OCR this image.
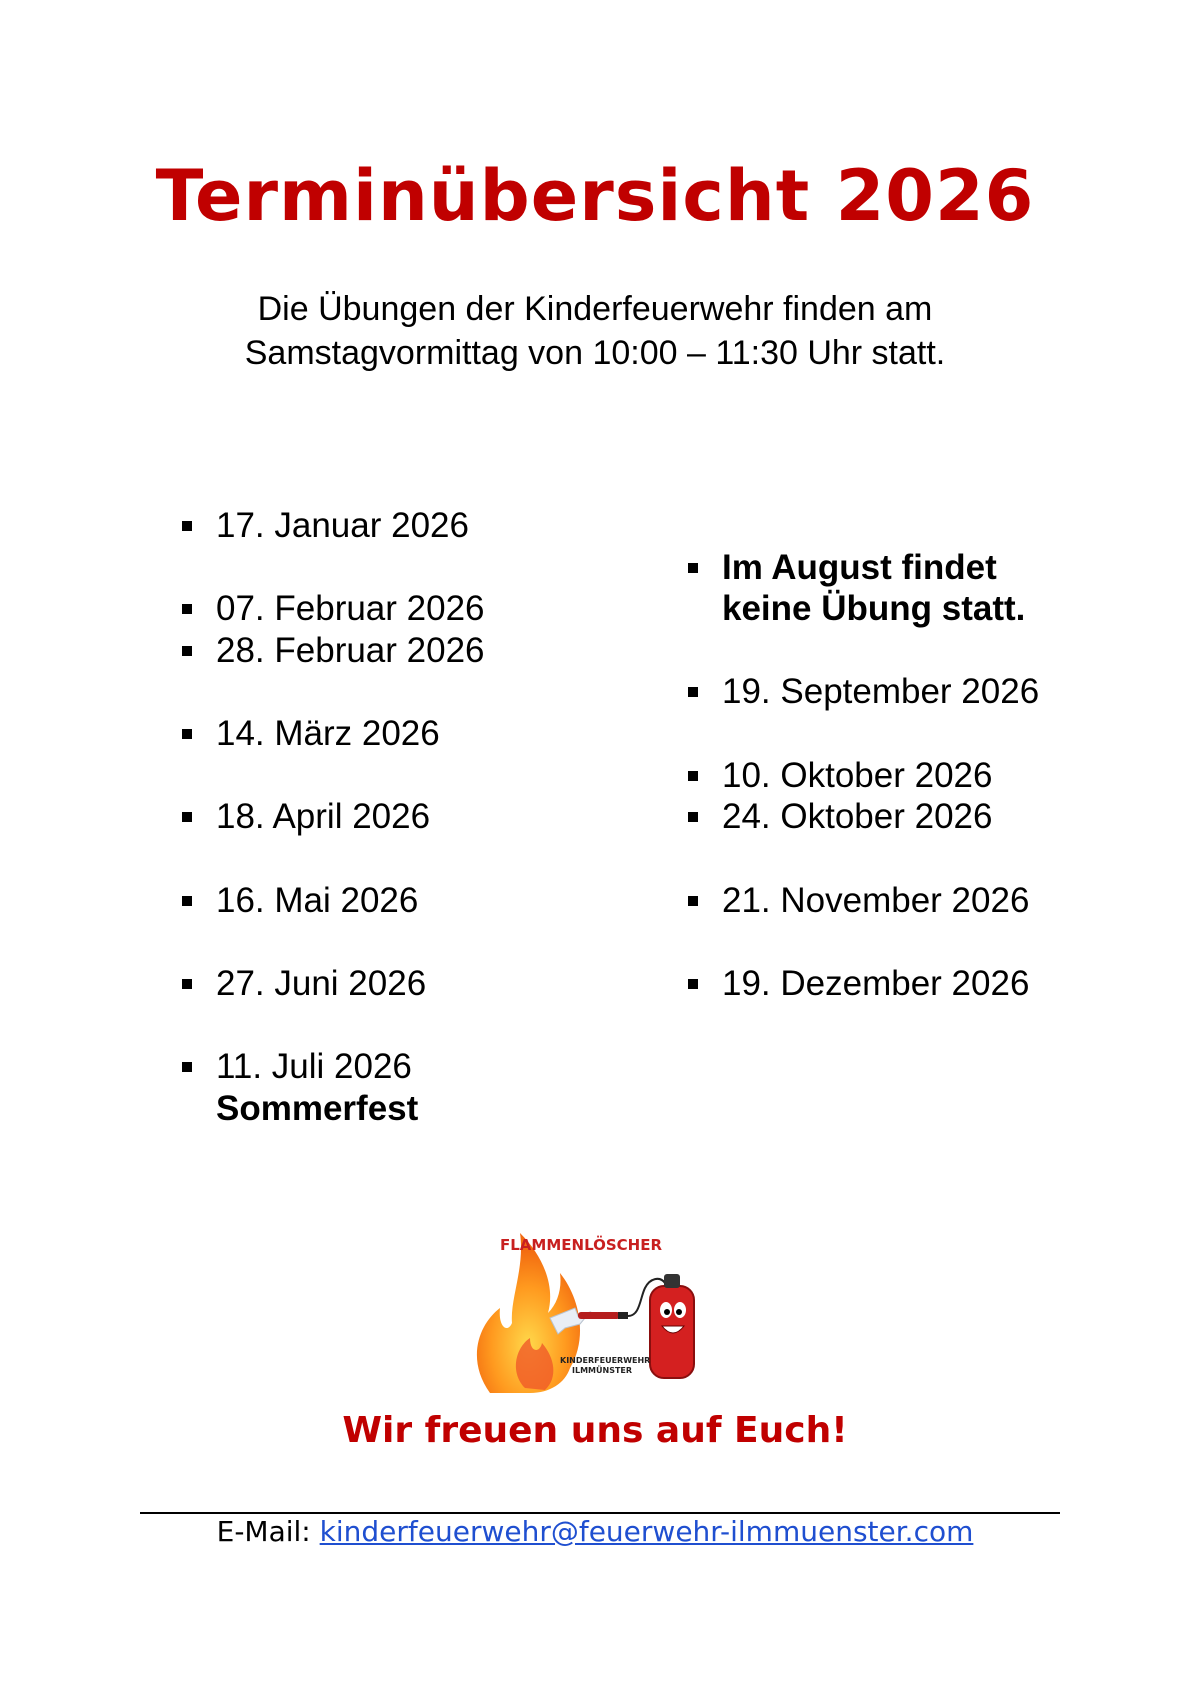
Terminübersicht 2026
Die Übungen der Kinderfeuerwehr finden am
Samstagvormittag von 10:00 – 11:30 Uhr statt.
17. Januar 2026
07. Februar 2026
28. Februar 2026
14. März 2026
18. April 2026
16. Mai 2026
27. Juni 2026
11. Juli 2026
Sommerfest
Im August findet
keine Übung statt.
19. September 2026
10. Oktober 2026
24. Oktober 2026
21. November 2026
19. Dezember 2026
FLAMMENLÖSCHER
KINDERFEUERWEHR
ILMMÜNSTER
Wir freuen uns auf Euch!
E-Mail: kinderfeuerwehr@feuerwehr-ilmmuenster.com
